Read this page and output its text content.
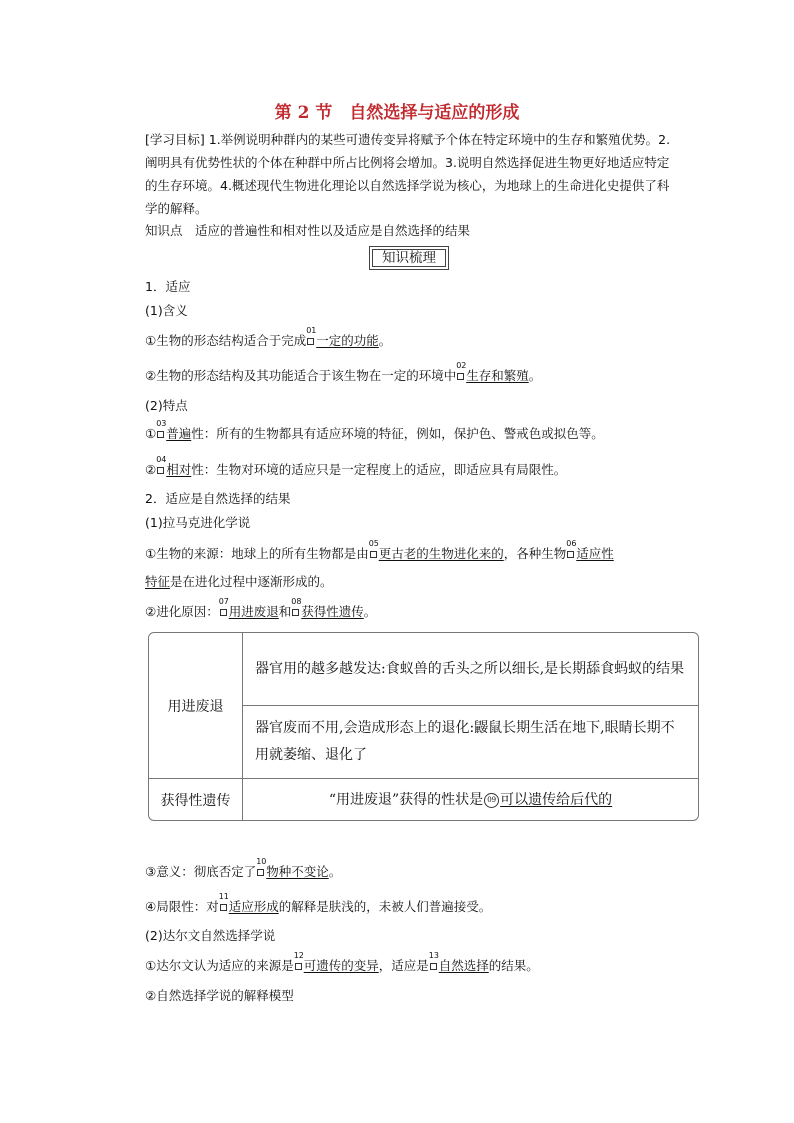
第 2 节　自然选择与适应的形成
[学习目标] 1.举例说明种群内的某些可遗传变异将赋予个体在特定环境中的生存和繁殖优势。2.阐明具有优势性状的个体在种群中所占比例将会增加。3.说明自然选择促进生物更好地适应特定的生存环境。4.概述现代生物进化理论以自然选择学说为核心，为地球上的生命进化史提供了科学的解释。
知识点　适应的普遍性和相对性以及适应是自然选择的结果
知识梳理
1．适应
(1)含义
①生物的形态结构适合于完成
01
一定的功能。
②生物的形态结构及其功能适合于该生物在一定的环境中
02
生存和繁殖。
(2)特点
①
03
普遍性：所有的生物都具有适应环境的特征，例如，保护色、警戒色或拟色等。
②
04
相对性：生物对环境的适应只是一定程度上的适应，即适应具有局限性。
2．适应是自然选择的结果
(1)拉马克进化学说
①生物的来源：地球上的所有生物都是由
05
更古老的生物进化来的，各种生物
06
适应性
特征是在进化过程中逐渐形成的。
②进化原因：
07
用进废退和
08
获得性遗传。
用进废退
器官用的越多越发达:食蚁兽的舌头之所以细长,是长期舔食蚂蚁的结果
器官废而不用,会造成形态上的退化:鼹鼠长期生活在地下,眼睛长期不用就萎缩、退化了
获得性遗传	“用进废退”获得的性状是 09 可以遗传给后代的
③意义：彻底否定了
10
物种不变论。
④局限性：对
11
适应形成的解释是肤浅的，未被人们普遍接受。
(2)达尔文自然选择学说
①达尔文认为适应的来源是
12
可遗传的变异，适应是
13
自然选择的结果。
②自然选择学说的解释模型
